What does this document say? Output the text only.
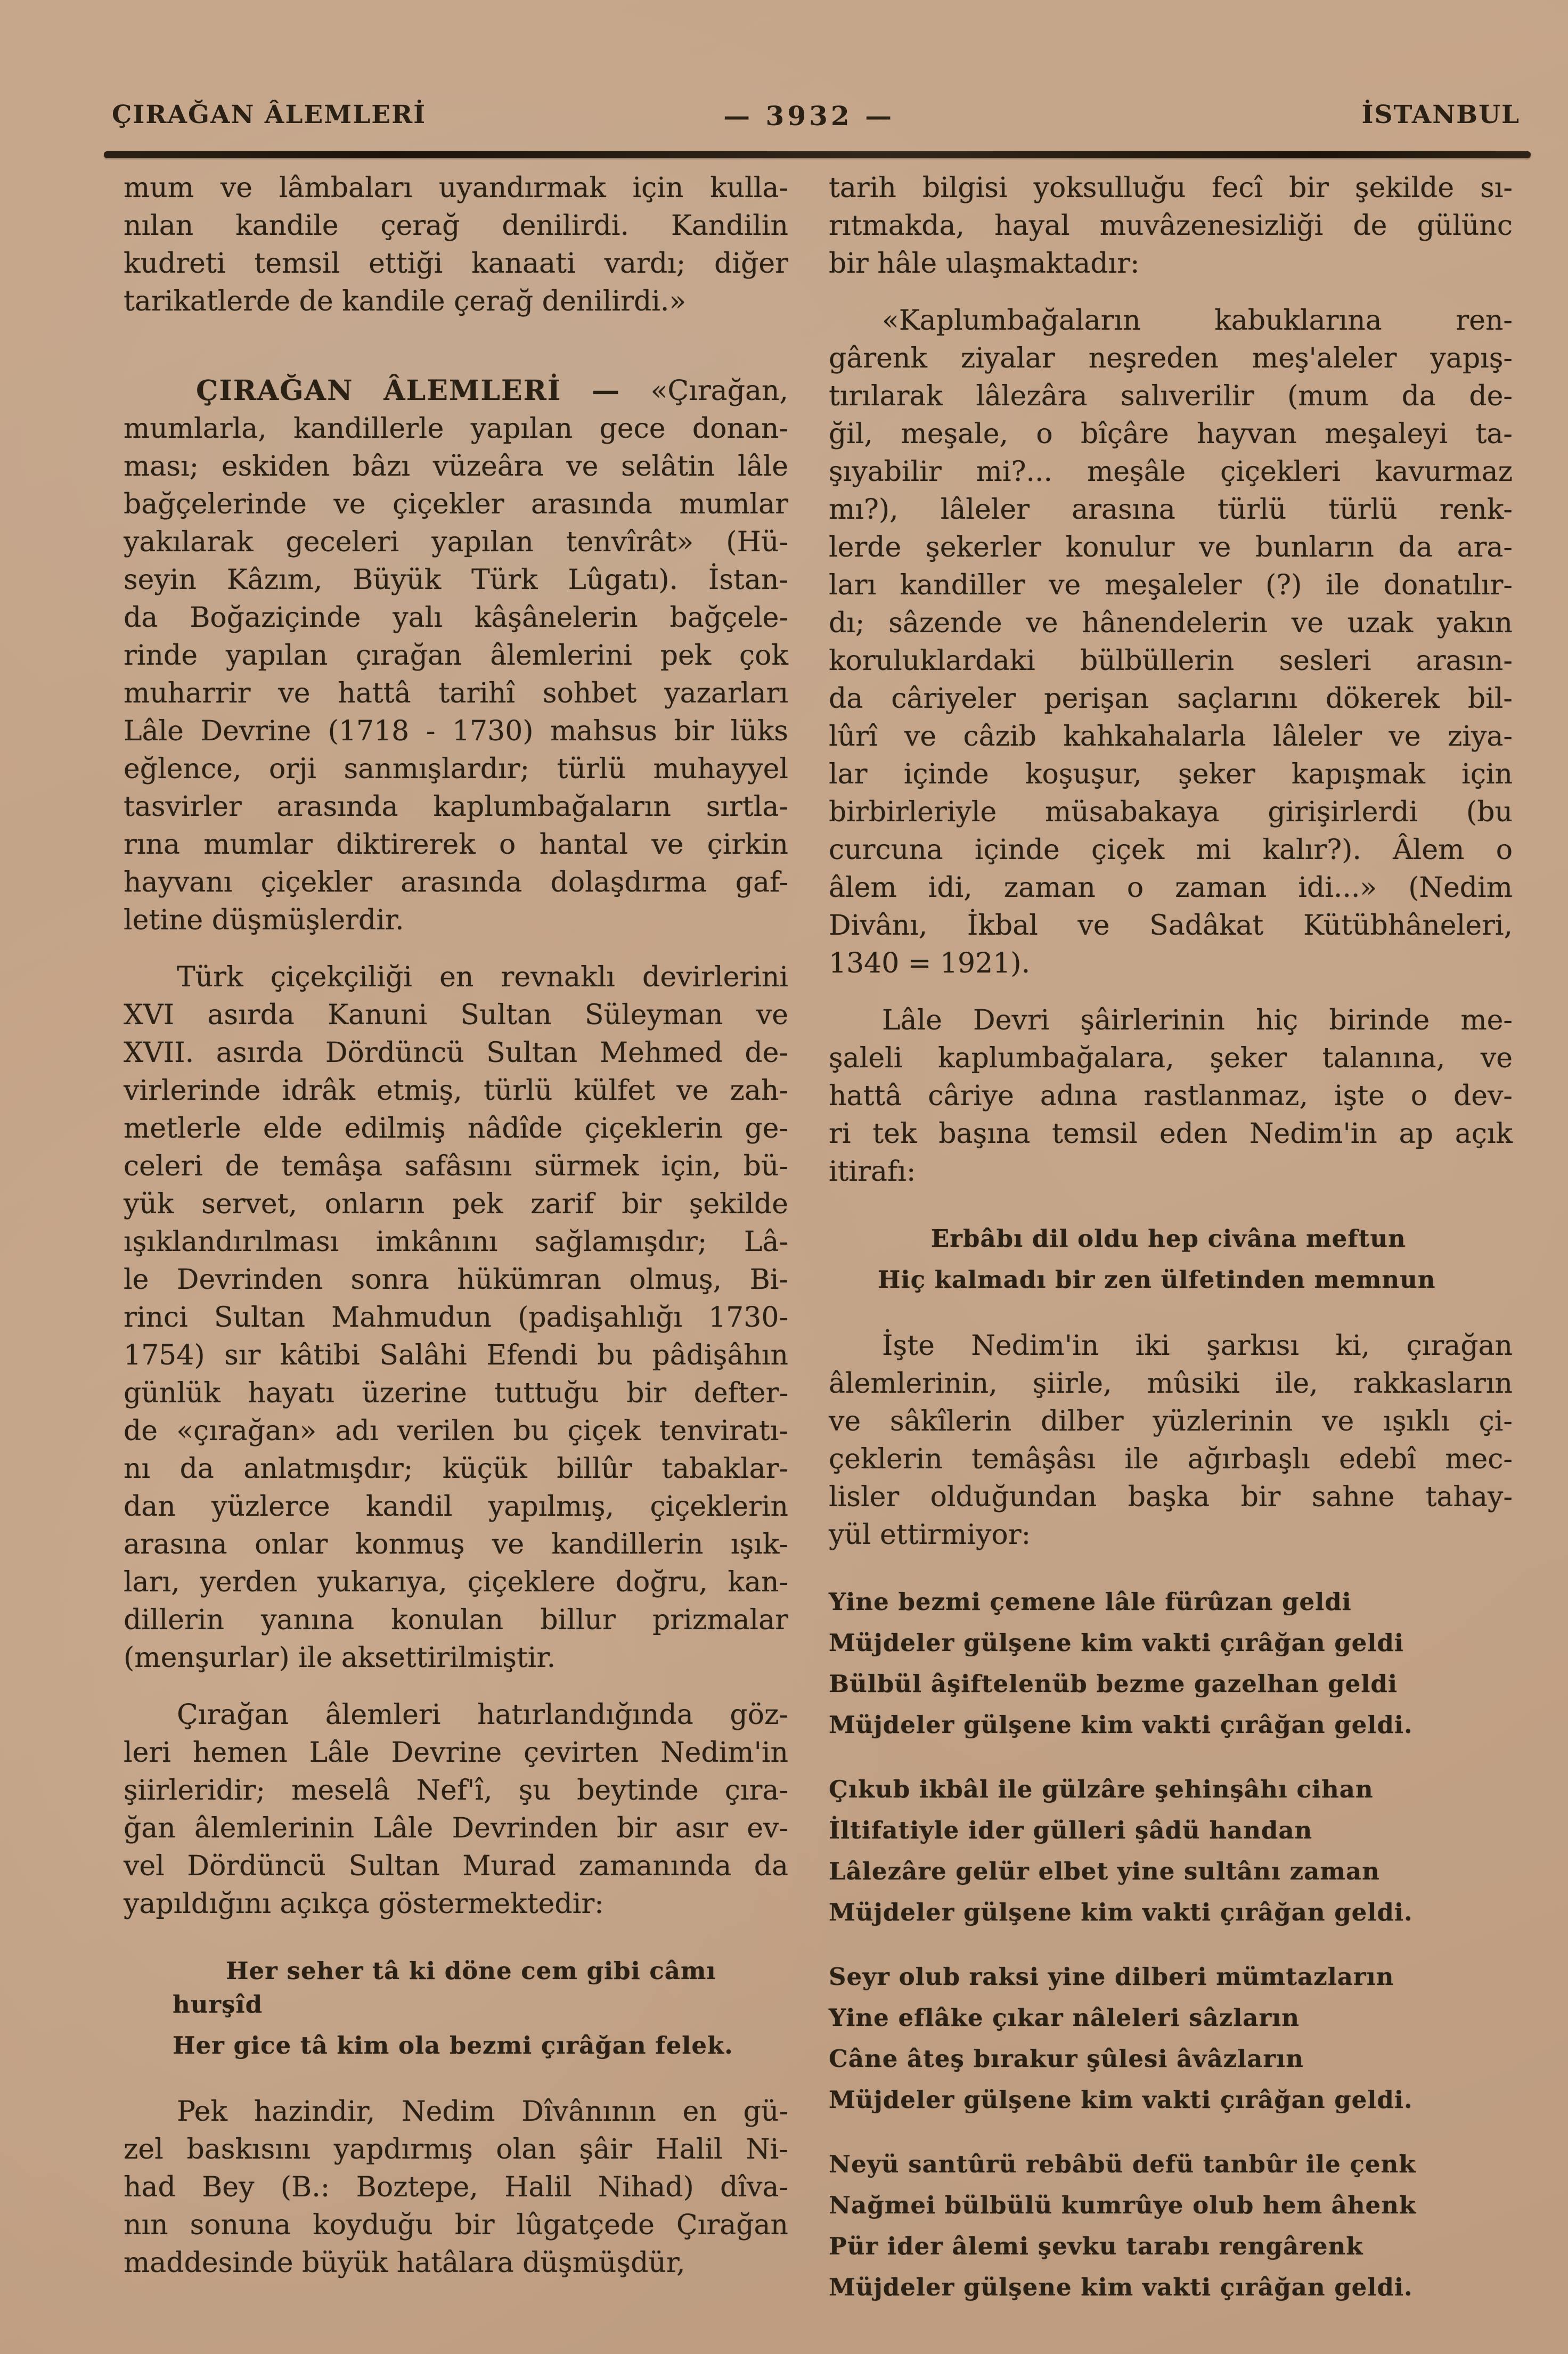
ÇIRAĞAN ÂLEMLERİ	— 3932 —	İSTANBUL
mum ve lâmbaları uyandırmak için kulla-
nılan kandile çerağ denilirdi. Kandilin
kudreti temsil ettiği kanaati vardı; diğer
tarikatlerde de kandile çerağ denilirdi.»
ÇIRAĞAN ÂLEMLERİ — «Çırağan,
mumlarla, kandillerle yapılan gece donan-
ması; eskiden bâzı vüzeâra ve selâtin lâle
bağçelerinde ve çiçekler arasında mumlar
yakılarak geceleri yapılan tenvîrât» (Hü-
seyin Kâzım, Büyük Türk Lûgatı). İstan-
da Boğaziçinde yalı kâşânelerin bağçele-
rinde yapılan çırağan âlemlerini pek çok
muharrir ve hattâ tarihî sohbet yazarları
Lâle Devrine (1718 - 1730) mahsus bir lüks
eğlence, orji sanmışlardır; türlü muhayyel
tasvirler arasında kaplumbağaların sırtla-
rına mumlar diktirerek o hantal ve çirkin
hayvanı çiçekler arasında dolaşdırma gaf-
letine düşmüşlerdir.
Türk çiçekçiliği en revnaklı devirlerini
XVI asırda Kanuni Sultan Süleyman ve
XVII. asırda Dördüncü Sultan Mehmed de-
virlerinde idrâk etmiş, türlü külfet ve zah-
metlerle elde edilmiş nâdîde çiçeklerin ge-
celeri de temâşa safâsını sürmek için, bü-
yük servet, onların pek zarif bir şekilde
ışıklandırılması imkânını sağlamışdır; Lâ-
le Devrinden sonra hükümran olmuş, Bi-
rinci Sultan Mahmudun (padişahlığı 1730-
1754) sır kâtibi Salâhi Efendi bu pâdişâhın
günlük hayatı üzerine tuttuğu bir defter-
de «çırağan» adı verilen bu çiçek tenviratı-
nı da anlatmışdır; küçük billûr tabaklar-
dan yüzlerce kandil yapılmış, çiçeklerin
arasına onlar konmuş ve kandillerin ışık-
ları, yerden yukarıya, çiçeklere doğru, kan-
dillerin yanına konulan billur prizmalar
(menşurlar) ile aksettirilmiştir.
Çırağan âlemleri hatırlandığında göz-
leri hemen Lâle Devrine çevirten Nedim'in
şiirleridir; meselâ Nef'î, şu beytinde çıra-
ğan âlemlerinin Lâle Devrinden bir asır ev-
vel Dördüncü Sultan Murad zamanında da
yapıldığını açıkça göstermektedir:
Her seher tâ ki döne cem gibi câmı hurşîd
Her gice tâ kim ola bezmi çırâğan felek.
Pek hazindir, Nedim Dîvânının en gü-
zel baskısını yapdırmış olan şâir Halil Ni-
had Bey (B.: Boztepe, Halil Nihad) dîva-
nın sonuna koyduğu bir lûgatçede Çırağan
maddesinde büyük hatâlara düşmüşdür,
tarih bilgisi yoksulluğu fecî bir şekilde sı-
rıtmakda, hayal muvâzenesizliği de gülünc
bir hâle ulaşmaktadır:
«Kaplumbağaların kabuklarına ren-
gârenk ziyalar neşreden meş'aleler yapış-
tırılarak lâlezâra salıverilir (mum da de-
ğil, meşale, o bîçâre hayvan meşaleyi ta-
şıyabilir mi?... meşâle çiçekleri kavurmaz
mı?), lâleler arasına türlü türlü renk-
lerde şekerler konulur ve bunların da ara-
ları kandiller ve meşaleler (?) ile donatılır-
dı; sâzende ve hânendelerin ve uzak yakın
koruluklardaki bülbüllerin sesleri arasın-
da câriyeler perişan saçlarını dökerek bil-
lûrî ve câzib kahkahalarla lâleler ve ziya-
lar içinde koşuşur, şeker kapışmak için
birbirleriyle müsabakaya girişirlerdi (bu
curcuna içinde çiçek mi kalır?). Âlem o
âlem idi, zaman o zaman idi...» (Nedim
Divânı, İkbal ve Sadâkat Kütübhâneleri,
1340 = 1921).
Lâle Devri şâirlerinin hiç birinde me-
şaleli kaplumbağalara, şeker talanına, ve
hattâ câriye adına rastlanmaz, işte o dev-
ri tek başına temsil eden Nedim'in ap açık
itirafı:
Erbâbı dil oldu hep civâna meftun
Hiç kalmadı bir zen ülfetinden memnun
İşte Nedim'in iki şarkısı ki, çırağan
âlemlerinin, şiirle, mûsiki ile, rakkasların
ve sâkîlerin dilber yüzlerinin ve ışıklı çi-
çeklerin temâşâsı ile ağırbaşlı edebî mec-
lisler olduğundan başka bir sahne tahay-
yül ettirmiyor:
Yine bezmi çemene lâle fürûzan geldi
Müjdeler gülşene kim vakti çırâğan geldi
Bülbül âşiftelenüb bezme gazelhan geldi
Müjdeler gülşene kim vakti çırâğan geldi.
Çıkub ikbâl ile gülzâre şehinşâhı cihan
İltifatiyle ider gülleri şâdü handan
Lâlezâre gelür elbet yine sultânı zaman
Müjdeler gülşene kim vakti çırâğan geldi.
Seyr olub raksi yine dilberi mümtazların
Yine eflâke çıkar nâleleri sâzların
Câne âteş bırakur şûlesi âvâzların
Müjdeler gülşene kim vakti çırâğan geldi.
Neyü santûrü rebâbü defü tanbûr ile çenk
Nağmei bülbülü kumrûye olub hem âhenk
Pür ider âlemi şevku tarabı rengârenk
Müjdeler gülşene kim vakti çırâğan geldi.
